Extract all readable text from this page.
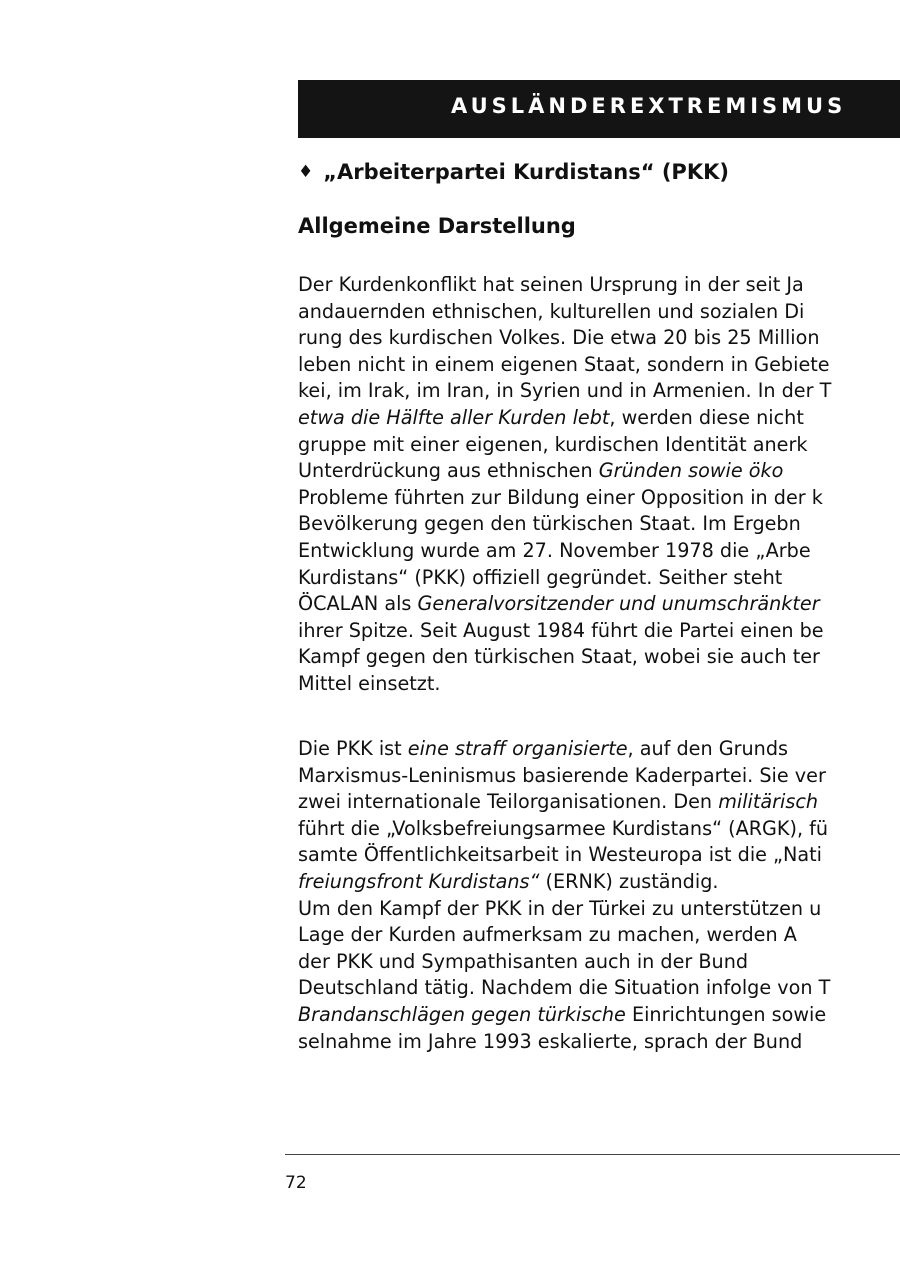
AUSLÄNDEREXTREMISMUS
♦ „Arbeiterpartei Kurdistans“ (PKK)
Allgemeine Darstellung
Der Kurdenkonflikt hat seinen Ursprung in der seit Ja
andauernden ethnischen, kulturellen und sozialen Di
rung des kurdischen Volkes. Die etwa 20 bis 25 Million
leben nicht in einem eigenen Staat, sondern in Gebiete
kei, im Irak, im Iran, in Syrien und in Armenien. In der T
etwa die Hälfte aller Kurden lebt, werden diese nicht
gruppe mit einer eigenen, kurdischen Identität anerk
Unterdrückung aus ethnischen Gründen sowie öko
Probleme führten zur Bildung einer Opposition in der k
Bevölkerung gegen den türkischen Staat. Im Ergebn
Entwicklung wurde am 27. November 1978 die „Arbe
Kurdistans“ (PKK) offiziell gegründet. Seither steht
ÖCALAN als Generalvorsitzender und unumschränkter
ihrer Spitze. Seit August 1984 führt die Partei einen be
Kampf gegen den türkischen Staat, wobei sie auch ter
Mittel einsetzt.
Die PKK ist eine straff organisierte, auf den Grunds
Marxismus-Leninismus basierende Kaderpartei. Sie ver
zwei internationale Teilorganisationen. Den militärisch
führt die „Volksbefreiungsarmee Kurdistans“ (ARGK), fü
samte Öffentlichkeitsarbeit in Westeuropa ist die „Nati
freiungsfront Kurdistans“ (ERNK) zuständig.
Um den Kampf der PKK in der Türkei zu unterstützen u
Lage der Kurden aufmerksam zu machen, werden A
der PKK und Sympathisanten auch in der Bund
Deutschland tätig. Nachdem die Situation infolge von T
Brandanschlägen gegen türkische Einrichtungen sowie
selnahme im Jahre 1993 eskalierte, sprach der Bund
72
